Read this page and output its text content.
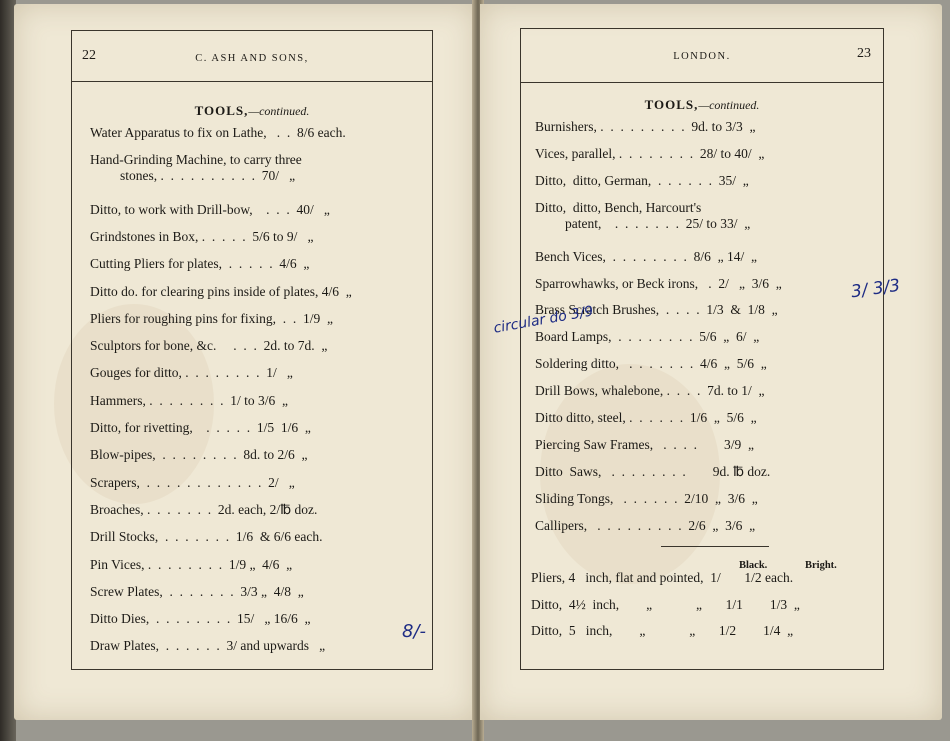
22	C. ASH AND SONS,
TOOLS,—continued.
Water Apparatus to fix on Lathe,   .  .  8/6 each.
Hand-Grinding Machine, to carry three
stones, .  .  .  .  .  .  .  .  .  .  70/   „
Ditto, to work with Drill-bow,    .  .  .  40/   „
Grindstones in Box, .  .  .  .  .  5/6 to 9/   „
Cutting Pliers for plates,  .  .  .  .  .  4/6  „
Ditto do. for clearing pins inside of plates, 4/6  „
Pliers for roughing pins for fixing,  .  .  1/9  „
Sculptors for bone, &c.     .  .  .  2d. to 7d.  „
Gouges for ditto, .  .  .  .  .  .  .  .  1/   „
Hammers, .  .  .  .  .  .  .  .  1/ to 3/6  „
Ditto, for rivetting,    .  .  .  .  .  1/5  1/6  „
Blow-pipes,  .  .  .  .  .  .  .  .  8d. to 2/6  „
Scrapers,  .  .  .  .  .  .  .  .  .  .  .  .  2/   „
Broaches, .  .  .  .  .  .  .  2d. each, 2/℔ doz.
Drill Stocks,  .  .  .  .  .  .  .  1/6  & 6/6 each.
Pin Vices, .  .  .  .  .  .  .  .  1/9 „  4/6  „
Screw Plates,  .  .  .  .  .  .  .  3/3 „  4/8  „
Ditto Dies,  .  .  .  .  .  .  .  .  15/   „ 16/6  „
Draw Plates,  .  .  .  .  .  .  3/ and upwards   „
8/-
LONDON.	23
TOOLS,—continued.
Burnishers, .  .  .  .  .  .  .  .  .  9d. to 3/3  „
Vices, parallel, .  .  .  .  .  .  .  .  28/ to 40/  „
Ditto,  ditto, German,  .  .  .  .  .  .  35/  „
Ditto,  ditto, Bench, Harcourt's
patent,    .  .  .  .  .  .  .  25/ to 33/  „
Bench Vices,  .  .  .  .  .  .  .  .  8/6  „ 14/  „
Sparrowhawks, or Beck irons,   .  2/   „  3/6  „
Brass Scratch Brushes,  .  .  .  .  1/3  &  1/8  „
Board Lamps,  .  .  .  .  .  .  .  .  5/6  „  6/  „
Soldering ditto,   .  .  .  .  .  .  .  4/6  „  5/6  „
Drill Bows, whalebone, .  .  .  .  7d. to 1/  „
Ditto ditto, steel, .  .  .  .  .  .  1/6  „  5/6  „
Piercing Saw Frames,   .  .  .  .        3/9  „
Ditto  Saws,   .  .  .  .  .  .  .  .        9d. ℔ doz.
Sliding Tongs,   .  .  .  .  .  .  2/10  „  3/6  „
Callipers,   .  .  .  .  .  .  .  .  .  2/6  „  3/6  „
Black.	Bright.
Pliers, 4   inch, flat and pointed,  1/       1/2 each.
Ditto,  4½  inch,        „             „       1/1        1/3  „
Ditto,  5   inch,        „             „       1/2        1/4  „
3/ 3/3
circular do 3/9
